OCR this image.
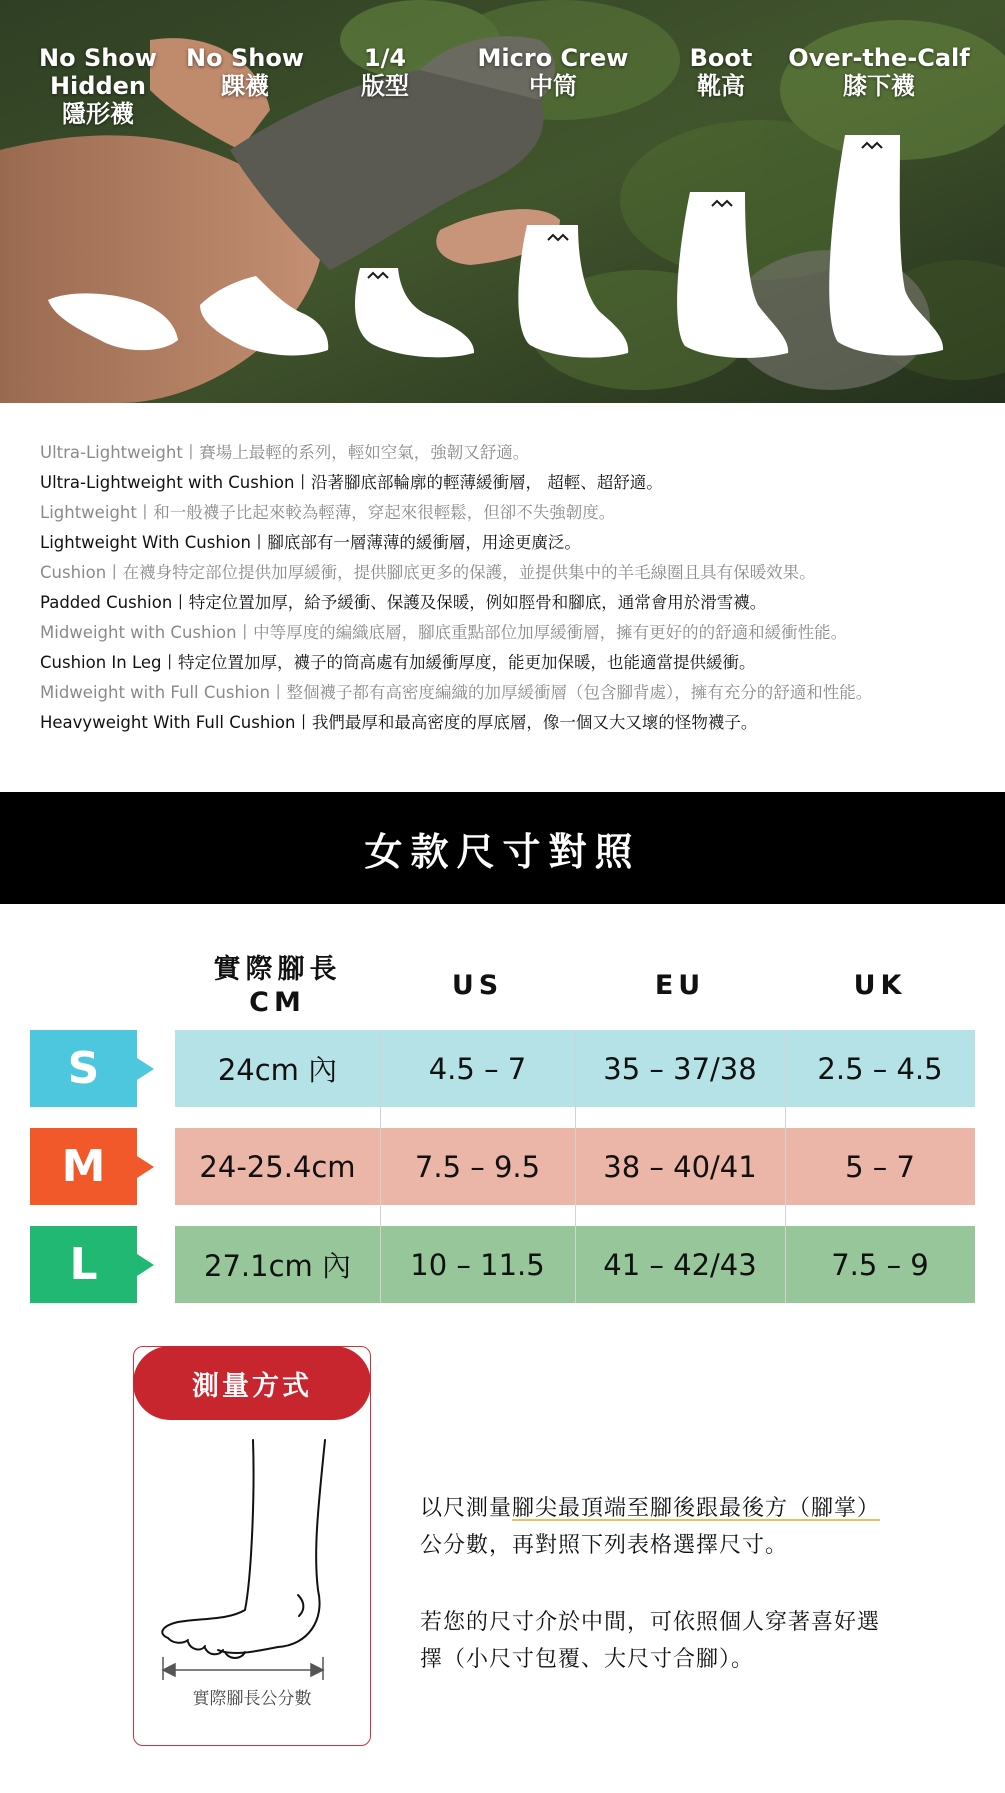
No Show
Hidden
隱形襪
No Show
踝襪
1/4
版型
Micro Crew
中筒
Boot
靴高
Over-the-Calf
膝下襪
Ultra-Lightweight丨賽場上最輕的系列，輕如空氣，強韌又舒適。
Ultra-Lightweight with Cushion丨沿著腳底部輪廓的輕薄緩衝層， 超輕、超舒適。
Lightweight丨和一般襪子比起來較為輕薄，穿起來很輕鬆，但卻不失強韌度。
Lightweight With Cushion丨腳底部有一層薄薄的緩衝層，用途更廣泛。
Cushion丨在襪身特定部位提供加厚緩衝，提供腳底更多的保護，並提供集中的羊毛線圈且具有保暖效果。
Padded Cushion丨特定位置加厚，給予緩衝、保護及保暖，例如脛骨和腳底，通常會用於滑雪襪。
Midweight with Cushion丨中等厚度的編織底層，腳底重點部位加厚緩衝層，擁有更好的的舒適和緩衝性能。
Cushion In Leg丨特定位置加厚，襪子的筒高處有加緩衝厚度，能更加保暖，也能適當提供緩衝。
Midweight with Full Cushion丨整個襪子都有高密度編織的加厚緩衝層（包含腳背處），擁有充分的舒適和性能。
Heavyweight With Full Cushion丨我們最厚和最高密度的厚底層，像一個又大又壞的怪物襪子。
女款尺寸對照
實際腳長
CM
US	EU	UK
S	24cm 內	4.5 – 7	35 – 37/38	2.5 – 4.5
M	24-25.4cm	7.5 – 9.5	38 – 40/41	5 – 7
L	27.1cm 內	10 – 11.5	41 – 42/43	7.5 – 9
測量方式
實際腳長公分數
以尺測量腳尖最頂端至腳後跟最後方（腳掌）
公分數，再對照下列表格選擇尺寸。
若您的尺寸介於中間，可依照個人穿著喜好選
擇（小尺寸包覆、大尺寸合腳）。
